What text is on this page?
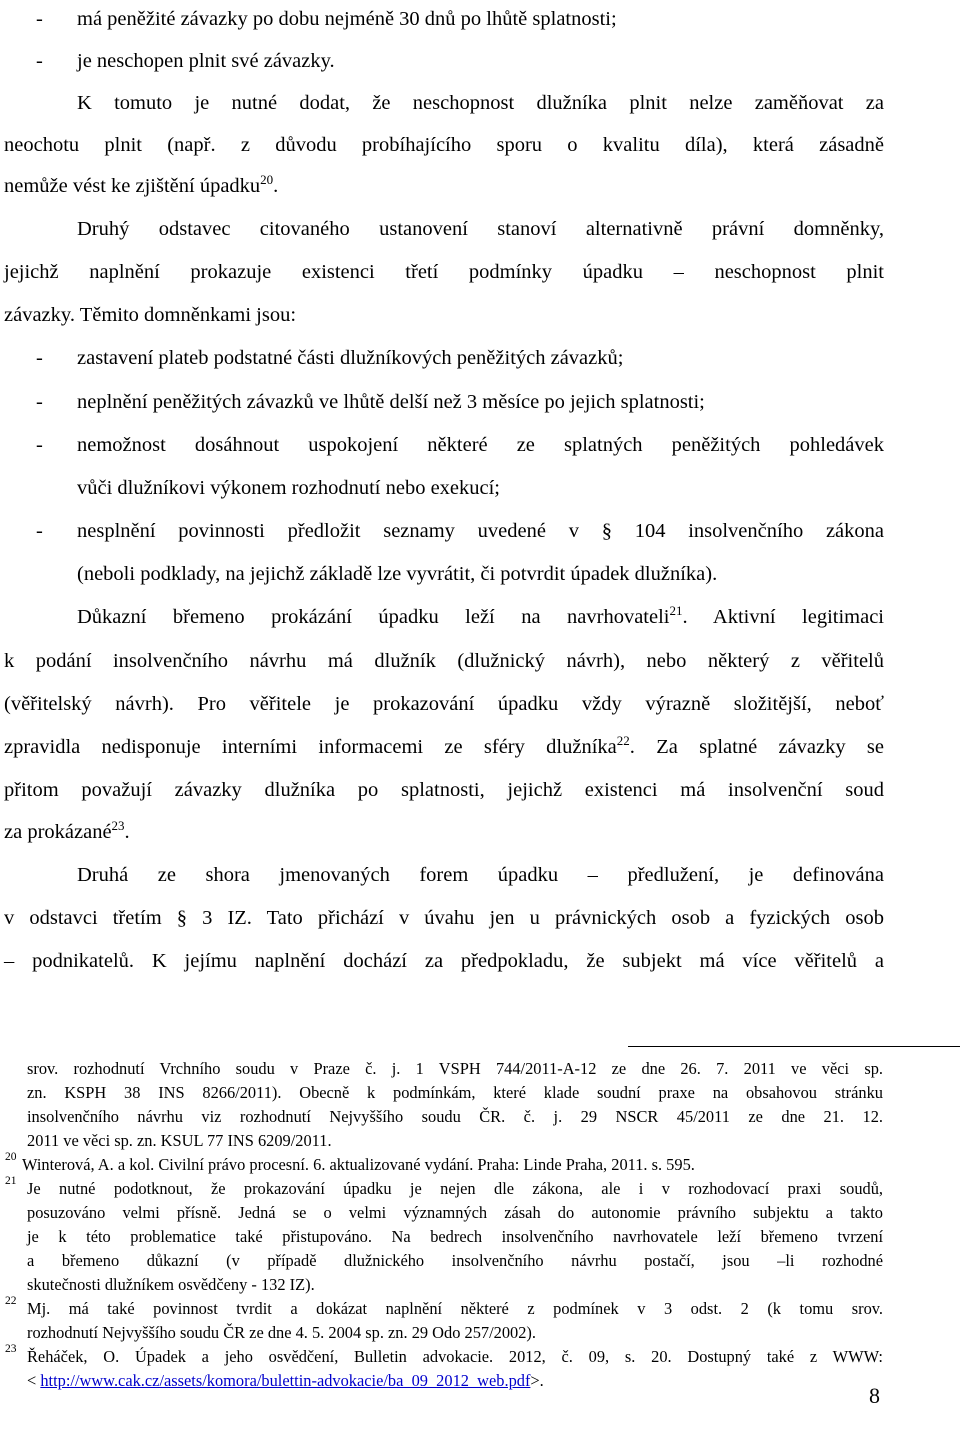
- má peněžité závazky po dobu nejméně 30 dnů po lhůtě splatnosti;
- je neschopen plnit své závazky.
K tomuto je nutné dodat, že neschopnost dlužníka plnit nelze zaměňovat za
neochotu plnit (např. z důvodu probíhajícího sporu o kvalitu díla), která zásadně
nemůže vést ke zjištění úpadku$^{20}$.
Druhý odstavec citovaného ustanovení stanoví alternativně právní domněnky,
jejichž naplnění prokazuje existenci třetí podmínky úpadku – neschopnost plnit
závazky. Těmito domněnkami jsou:
- zastavení plateb podstatné části dlužníkových peněžitých závazků;
- neplnění peněžitých závazků ve lhůtě delší než 3 měsíce po jejich splatnosti;
- nemožnost dosáhnout uspokojení některé ze splatných peněžitých pohledávek
vůči dlužníkovi výkonem rozhodnutí nebo exekucí;
- nesplnění povinnosti předložit seznamy uvedené v § 104 insolvenčního zákona
(neboli podklady, na jejichž základě lze vyvrátit, či potvrdit úpadek dlužníka).
Důkazní břemeno prokázání úpadku leží na navrhovateli$^{21}$. Aktivní legitimaci
k podání insolvenčního návrhu má dlužník (dlužnický návrh), nebo některý z věřitelů
(věřitelský návrh). Pro věřitele je prokazování úpadku vždy výrazně složitější, neboť
zpravidla nedisponuje interními informacemi ze sféry dlužníka$^{22}$. Za splatné závazky se
přitom považují závazky dlužníka po splatnosti, jejichž existenci má insolvenční soud
za prokázané$^{23}$.
Druhá ze shora jmenovaných forem úpadku – předlužení, je definována
v odstavci třetím § 3 IZ. Tato přichází v úvahu jen u právnických osob a fyzických osob
– podnikatelů. K jejímu naplnění dochází za předpokladu, že subjekt má více věřitelů a
srov. rozhodnutí Vrchního soudu v Praze č. j. 1 VSPH 744/2011-A-12 ze dne 26. 7. 2011 ve věci sp.
zn. KSPH 38 INS 8266/2011). Obecně k podmínkám, které klade soudní praxe na obsahovou stránku
insolvenčního návrhu viz rozhodnutí Nejvyššího soudu ČR. č. j. 29 NSCR 45/2011 ze dne 21. 12.
2011 ve věci sp. zn. KSUL 77 INS 6209/2011.
20 Winterová, A. a kol. Civilní právo procesní. 6. aktualizované vydání. Praha: Linde Praha, 2011. s. 595.
21 Je nutné podotknout, že prokazování úpadku je nejen dle zákona, ale i v rozhodovací praxi soudů,
posuzováno velmi přísně. Jedná se o velmi významných zásah do autonomie právního subjektu a takto
je k této problematice také přistupováno. Na bedrech insolvenčního navrhovatele leží břemeno tvrzení
a břemeno důkazní (v případě dlužnického insolvenčního návrhu postačí, jsou –li rozhodné
skutečnosti dlužníkem osvědčeny - 132 IZ).
22 Mj. má také povinnost tvrdit a dokázat naplnění některé z podmínek v 3 odst. 2 (k tomu srov.
rozhodnutí Nejvyššího soudu ČR ze dne 4. 5. 2004 sp. zn. 29 Odo 257/2002).
23 Řeháček, O. Úpadek a jeho osvědčení, Bulletin advokacie. 2012, č. 09, s. 20. Dostupný také z WWW:
< http://www.cak.cz/assets/komora/bulettin-advokacie/ba_09_2012_web.pdf>.
8
